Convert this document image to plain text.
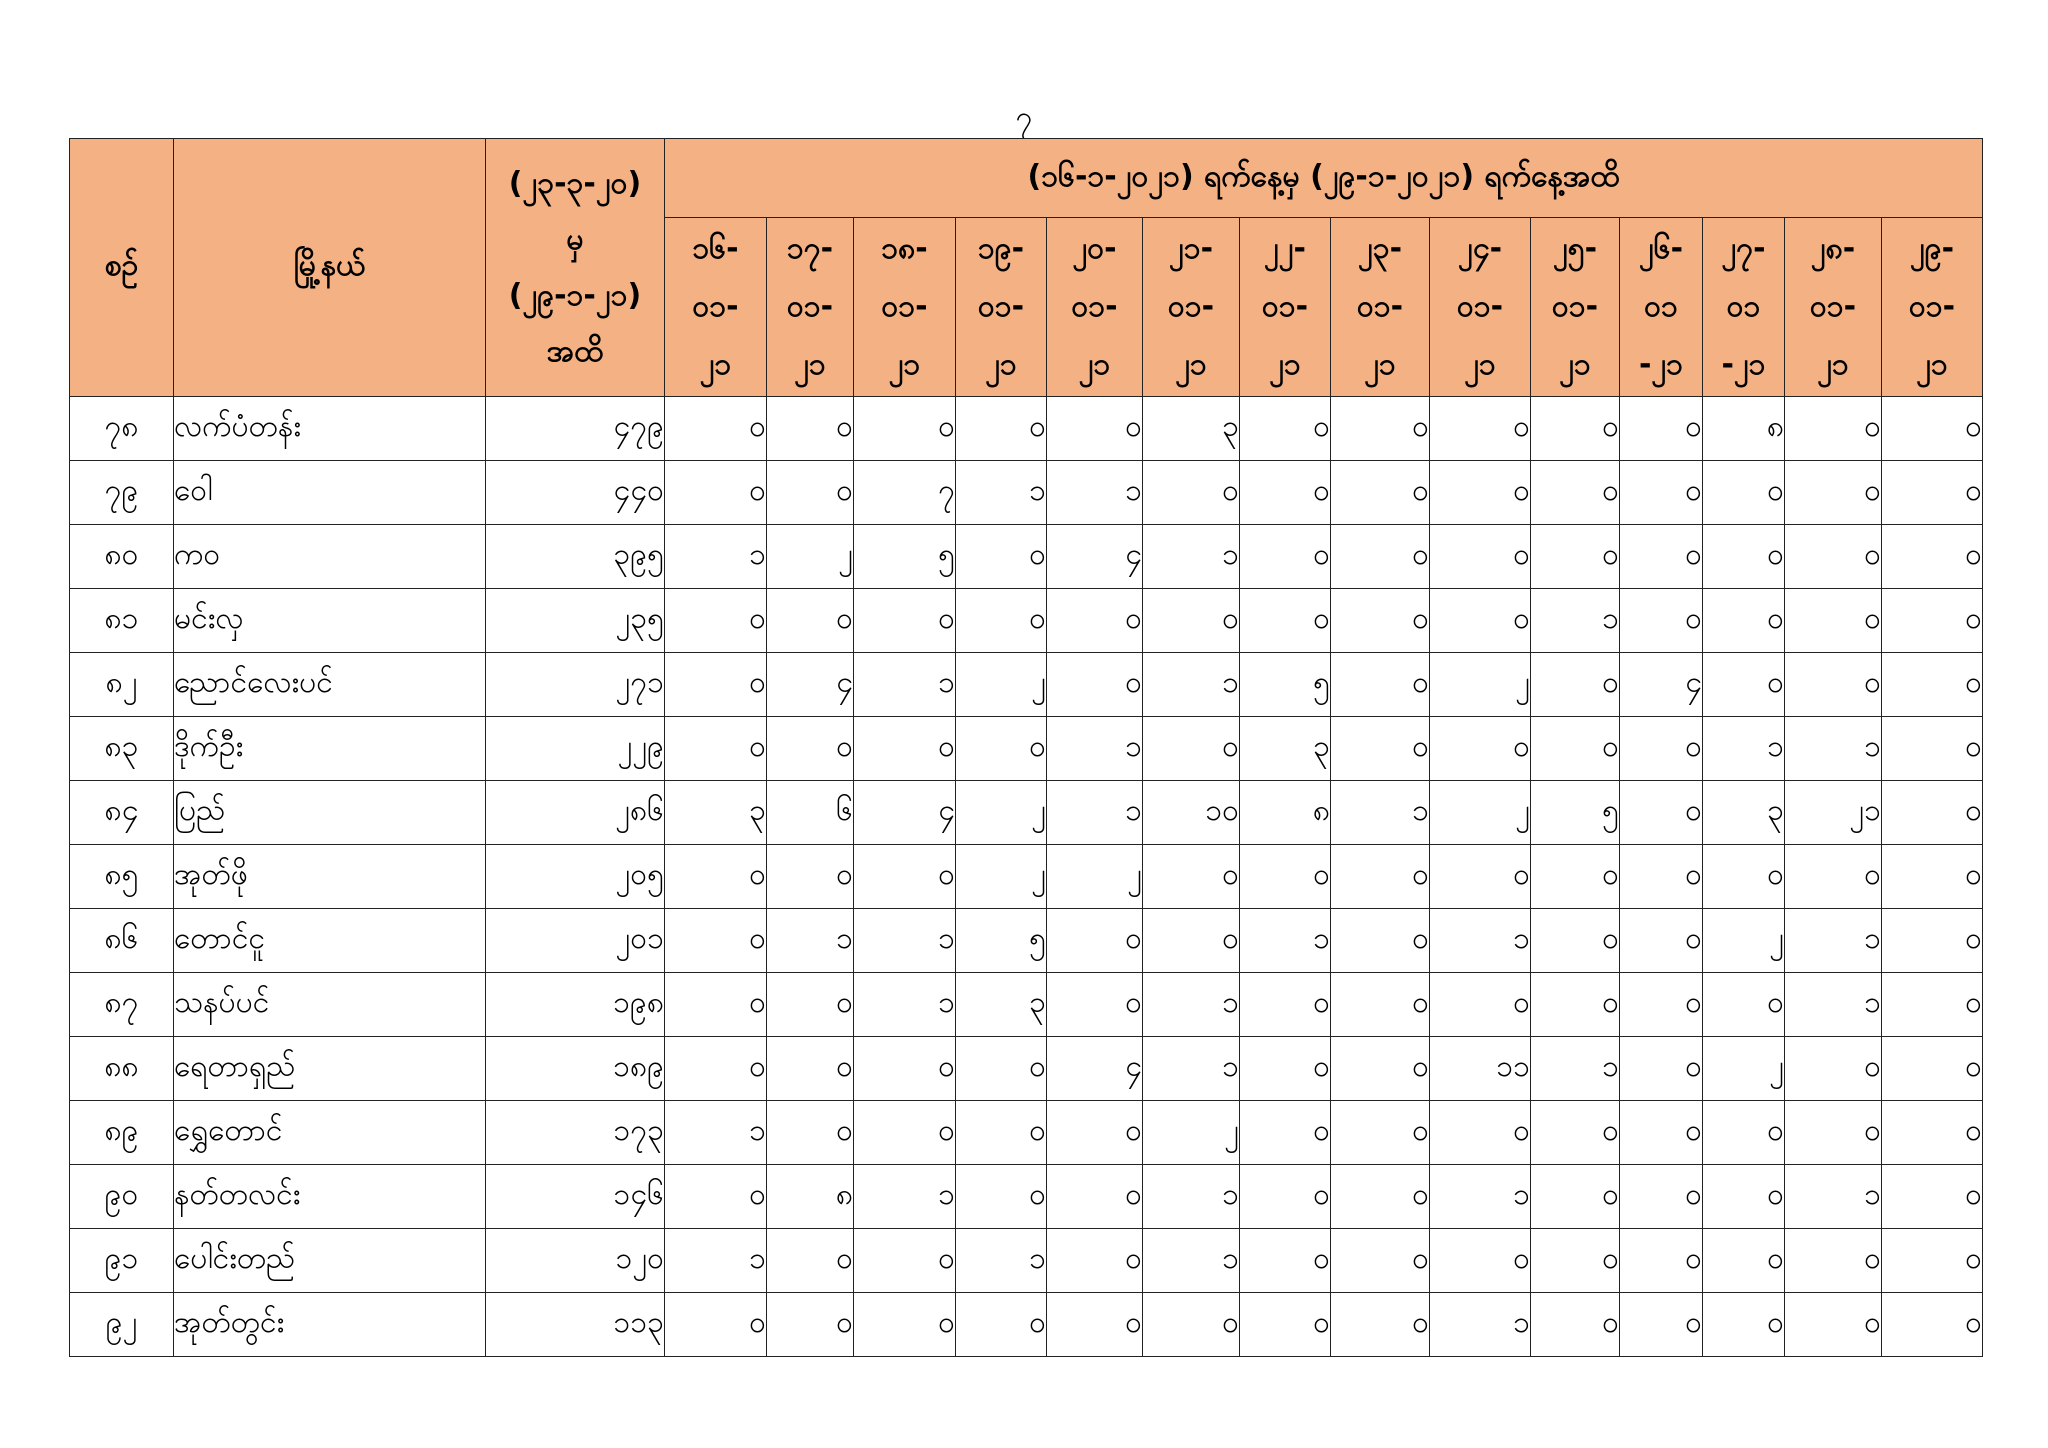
၇
စဉ်	မြို့နယ်	(၂၃-၃-၂၀)
မှ
(၂၉-၁-၂၁)
အထိ	(၁၆-၁-၂၀၂၁) ရက်နေ့မှ (၂၉-၁-၂၀၂၁) ရက်နေ့အထိ													

			၁၆-
၀၁-
၂၁	၁၇-
၀၁-
၂၁	၁၈-
၀၁-
၂၁	၁၉-
၀၁-
၂၁	၂၀-
၀၁-
၂၁	၂၁-
၀၁-
၂၁	၂၂-
၀၁-
၂၁	၂၃-
၀၁-
၂၁	၂၄-
၀၁-
၂၁	၂၅-
၀၁-
၂၁	၂၆-
၀၁
-၂၁	၂၇-
၀၁
-၂၁	၂၈-
၀၁-
၂၁	၂၉-
၀၁-
၂၁

၇၈	လက်ပံတန်း	၄၇၉	၀	၀	၀	၀	၀	၃	၀	၀	၀	၀	၀	၈	၀	၀
၇၉	ဝေါ	၄၄၀	၀	၀	၇	၁	၁	၀	၀	၀	၀	၀	၀	၀	၀	၀
၈၀	ကဝ	၃၉၅	၁	၂	၅	၀	၄	၁	၀	၀	၀	၀	၀	၀	၀	၀
၈၁	မင်းလှ	၂၃၅	၀	၀	၀	၀	၀	၀	၀	၀	၀	၁	၀	၀	၀	၀
၈၂	ညောင်လေးပင်	၂၇၁	၀	၄	၁	၂	၀	၁	၅	၀	၂	၀	၄	၀	၀	၀
၈၃	ဒိုက်ဦး	၂၂၉	၀	၀	၀	၀	၁	၀	၃	၀	၀	၀	၀	၁	၁	၀
၈၄	ပြည်	၂၈၆	၃	၆	၄	၂	၁	၁၀	၈	၁	၂	၅	၀	၃	၂၁	၀
၈၅	အုတ်ဖို	၂၀၅	၀	၀	၀	၂	၂	၀	၀	၀	၀	၀	၀	၀	၀	၀
၈၆	တောင်ငူ	၂၀၁	၀	၁	၁	၅	၀	၀	၁	၀	၁	၀	၀	၂	၁	၀
၈၇	သနပ်ပင်	၁၉၈	၀	၀	၁	၃	၀	၁	၀	၀	၀	၀	၀	၀	၁	၀
၈၈	ရေတာရှည်	၁၈၉	၀	၀	၀	၀	၄	၁	၀	၀	၁၁	၁	၀	၂	၀	၀
၈၉	ရွှေတောင်	၁၇၃	၁	၀	၀	၀	၀	၂	၀	၀	၀	၀	၀	၀	၀	၀
၉၀	နတ်တလင်း	၁၄၆	၀	၈	၁	၀	၀	၁	၀	၀	၁	၀	၀	၀	၁	၀
၉၁	ပေါင်းတည်	၁၂၀	၁	၀	၀	၁	၀	၁	၀	၀	၀	၀	၀	၀	၀	၀
၉၂	အုတ်တွင်း	၁၁၃	၀	၀	၀	၀	၀	၀	၀	၀	၁	၀	၀	၀	၀	၀
